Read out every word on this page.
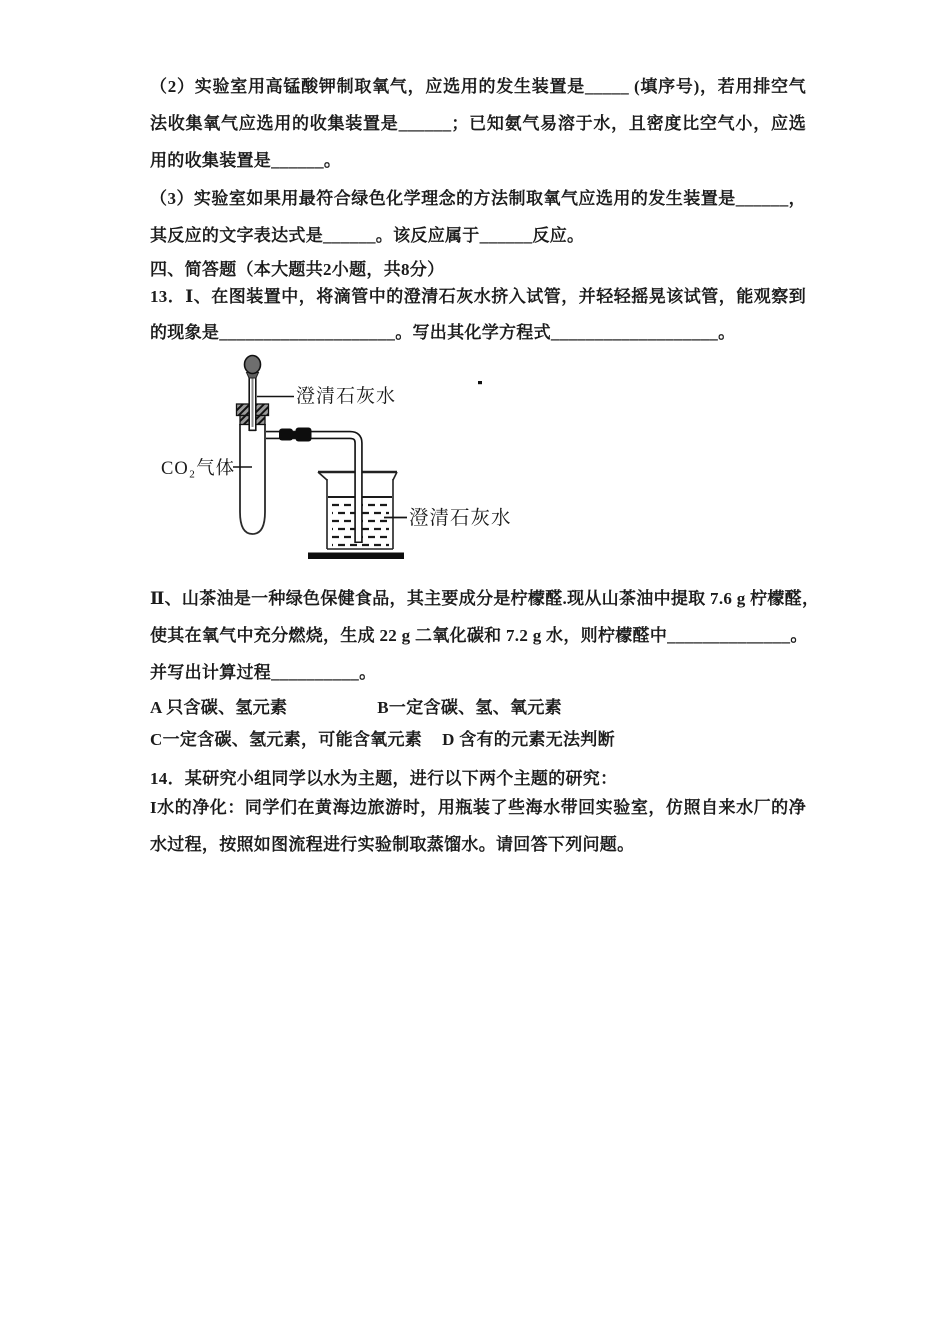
（2）实验室用高锰酸钾制取氧气，应选用的发生装置是_____ (填序号)，若用排空气
法收集氧气应选用的收集装置是______；已知氨气易溶于水，且密度比空气小，应选
用的收集装置是______。
（3）实验室如果用最符合绿色化学理念的方法制取氧气应选用的发生装置是______，
其反应的文字表达式是______。该反应属于______反应。
四、简答题（本大题共2小题，共8分）
13．Ⅰ、在图装置中，将滴管中的澄清石灰水挤入试管，并轻轻摇晃该试管，能观察到
的现象是____________________。写出其化学方程式___________________。
澄清石灰水
CO₂气体
澄清石灰水
Ⅱ、山茶油是一种绿色保健食品，其主要成分是柠檬醛.现从山茶油中提取 7.6 g 柠檬醛，
使其在氧气中充分燃烧，生成 22 g 二氧化碳和 7.2 g 水，则柠檬醛中______________。
并写出计算过程__________。
A 只含碳、氢元素	B一定含碳、氢、氧元素
C一定含碳、氢元素，可能含氧元素 D 含有的元素无法判断
14．某研究小组同学以水为主题，进行以下两个主题的研究：
I水的净化：同学们在黄海边旅游时，用瓶装了些海水带回实验室，仿照自来水厂的净
水过程，按照如图流程进行实验制取蒸馏水。请回答下列问题。
